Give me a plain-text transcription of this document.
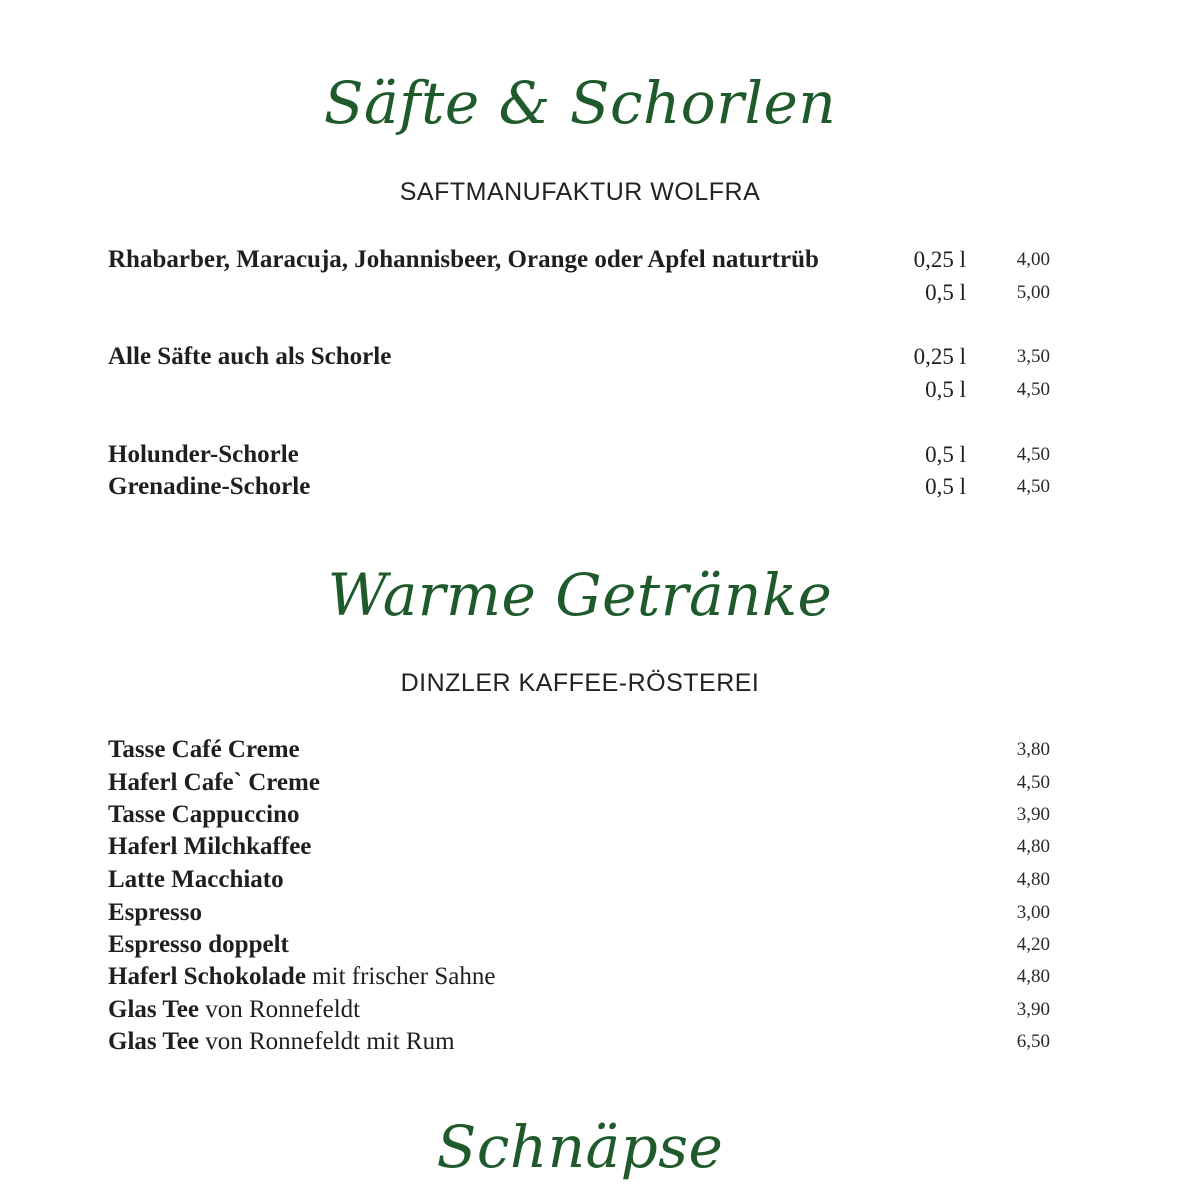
Säfte & Schorlen
SAFTMANUFAKTUR WOLFRA
Rhabarber, Maracuja, Johannisbeer, Orange oder Apfel naturtrüb	0,25 l	4,00
0,5 l	5,00
Alle Säfte auch als Schorle	0,25 l	3,50
0,5 l	4,50
Holunder-Schorle	0,5 l	4,50
Grenadine-Schorle	0,5 l	4,50
Warme Getränke
DINZLER KAFFEE-RÖSTEREI
Tasse Café Creme	3,80
Haferl Cafe` Creme	4,50
Tasse Cappuccino	3,90
Haferl Milchkaffee	4,80
Latte Macchiato	4,80
Espresso	3,00
Espresso doppelt	4,20
Haferl Schokolade mit frischer Sahne	4,80
Glas Tee von Ronnefeldt	3,90
Glas Tee von Ronnefeldt mit Rum	6,50
Schnäpse
